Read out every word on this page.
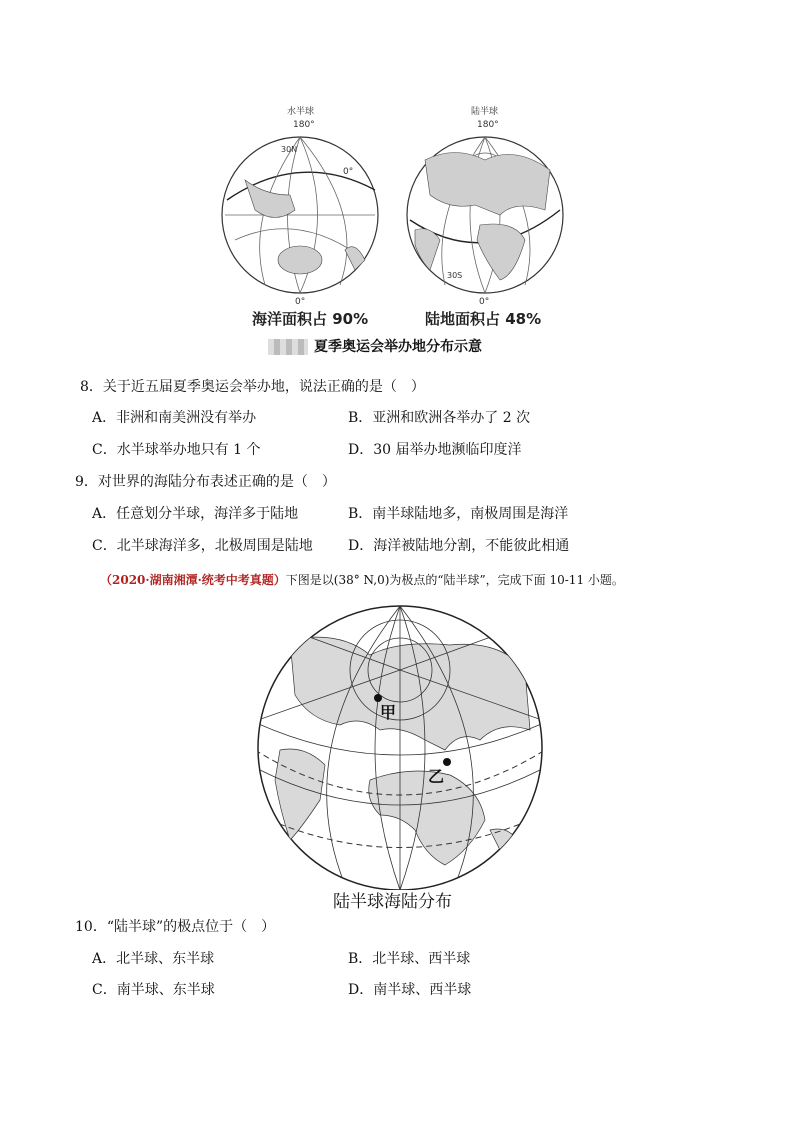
水半球
180°
30N
0°
0°
陆半球
180°
30S
0°
海洋面积占 90%	陆地面积占 48%
夏季奥运会举办地分布示意
8．关于近五届夏季奥运会举办地，说法正确的是（　）
A．非洲和南美洲没有举办	B．亚洲和欧洲各举办了 2 次
C．水半球举办地只有 1 个	D．30 届举办地濒临印度洋
9．对世界的海陆分布表述正确的是（　）
A．任意划分半球，海洋多于陆地	B．南半球陆地多，南极周围是海洋
C．北半球海洋多，北极周围是陆地	D．海洋被陆地分割，不能彼此相通
（2020·湖南湘潭·统考中考真题）下图是以(38° N,0)为极点的“陆半球”，完成下面 10-11 小题。
甲
乙
陆半球海陆分布
10．“陆半球”的极点位于（　）
A．北半球、东半球	B．北半球、西半球
C．南半球、东半球	D．南半球、西半球
